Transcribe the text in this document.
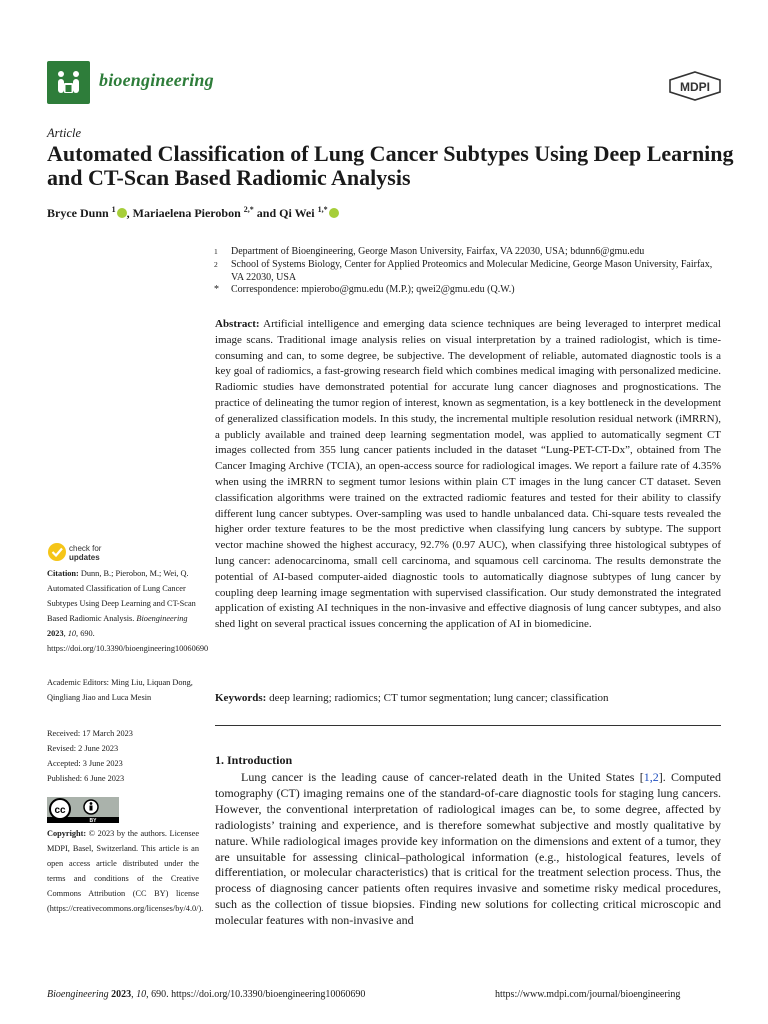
bioengineering	MDPI
Article
Automated Classification of Lung Cancer Subtypes Using Deep Learning and CT-Scan Based Radiomic Analysis
Bryce Dunn $^1$ , Mariaelena Pierobon $^{2,*}$ and Qi Wei $^{1,*}$
1 Department of Bioengineering, George Mason University, Fairfax, VA 22030, USA; bdunn6@gmu.edu
2 School of Systems Biology, Center for Applied Proteomics and Molecular Medicine, George Mason University, Fairfax, VA 22030, USA
* Correspondence: mpierobo@gmu.edu (M.P.); qwei2@gmu.edu (Q.W.)
Abstract: Artificial intelligence and emerging data science techniques are being leveraged to interpret medical image scans. Traditional image analysis relies on visual interpretation by a trained radiologist, which is time-consuming and can, to some degree, be subjective. The development of reliable, automated diagnostic tools is a key goal of radiomics, a fast-growing research field which combines medical imaging with personalized medicine. Radiomic studies have demonstrated potential for accurate lung cancer diagnoses and prognostications. The practice of delineating the tumor region of interest, known as segmentation, is a key bottleneck in the development of generalized classification models. In this study, the incremental multiple resolution residual network (iMRRN), a publicly available and trained deep learning segmentation model, was applied to automatically segment CT images collected from 355 lung cancer patients included in the dataset “Lung-PET-CT-Dx”, obtained from The Cancer Imaging Archive (TCIA), an open-access source for radiological images. We report a failure rate of 4.35% when using the iMRRN to segment tumor lesions within plain CT images in the lung cancer CT dataset. Seven classification algorithms were trained on the extracted radiomic features and tested for their ability to classify different lung cancer subtypes. Over-sampling was used to handle unbalanced data. Chi-square tests revealed the higher order texture features to be the most predictive when classifying lung cancers by subtype. The support vector machine showed the highest accuracy, 92.7% (0.97 AUC), when classifying three histological subtypes of lung cancer: adenocarcinoma, small cell carcinoma, and squamous cell carcinoma. The results demonstrate the potential of AI-based computer-aided diagnostic tools to automatically diagnose subtypes of lung cancer by coupling deep learning image segmentation with supervised classification. Our study demonstrated the integrated application of existing AI techniques in the non-invasive and effective diagnosis of lung cancer subtypes, and also shed light on several practical issues concerning the application of AI in biomedicine.
Keywords: deep learning; radiomics; CT tumor segmentation; lung cancer; classification
1. Introduction
Lung cancer is the leading cause of cancer-related death in the United States [1,2]. Computed tomography (CT) imaging remains one of the standard-of-care diagnostic tools for staging lung cancers. However, the conventional interpretation of radiological images can be, to some degree, affected by radiologists’ training and experience, and is therefore somewhat subjective and mostly qualitative by nature. While radiological images provide key information on the dimensions and extent of a tumor, they are unsuitable for assessing clinical–pathological information (e.g., histological features, levels of differentiation, or molecular characteristics) that is critical for the treatment selection process. Thus, the process of diagnosing cancer patients often requires invasive and sometime risky medical procedures, such as the collection of tissue biopsies. Finding new solutions for collecting critical microscopic and molecular features with non-invasive and
check for
updates
Citation: Dunn, B.; Pierobon, M.; Wei, Q. Automated Classification of Lung Cancer Subtypes Using Deep Learning and CT-Scan Based Radiomic Analysis. Bioengineering 2023, 10, 690. https://doi.org/10.3390/bioengineering10060690
Academic Editors: Ming Liu, Liquan Dong, Qingliang Jiao and Luca Mesin
Received: 17 March 2023
Revised: 2 June 2023
Accepted: 3 June 2023
Published: 6 June 2023
cc
BY
Copyright: © 2023 by the authors. Licensee MDPI, Basel, Switzerland. This article is an open access article distributed under the terms and conditions of the Creative Commons Attribution (CC BY) license (https://creativecommons.org/licenses/by/4.0/).
Bioengineering 2023, 10, 690. https://doi.org/10.3390/bioengineering10060690	https://www.mdpi.com/journal/bioengineering
